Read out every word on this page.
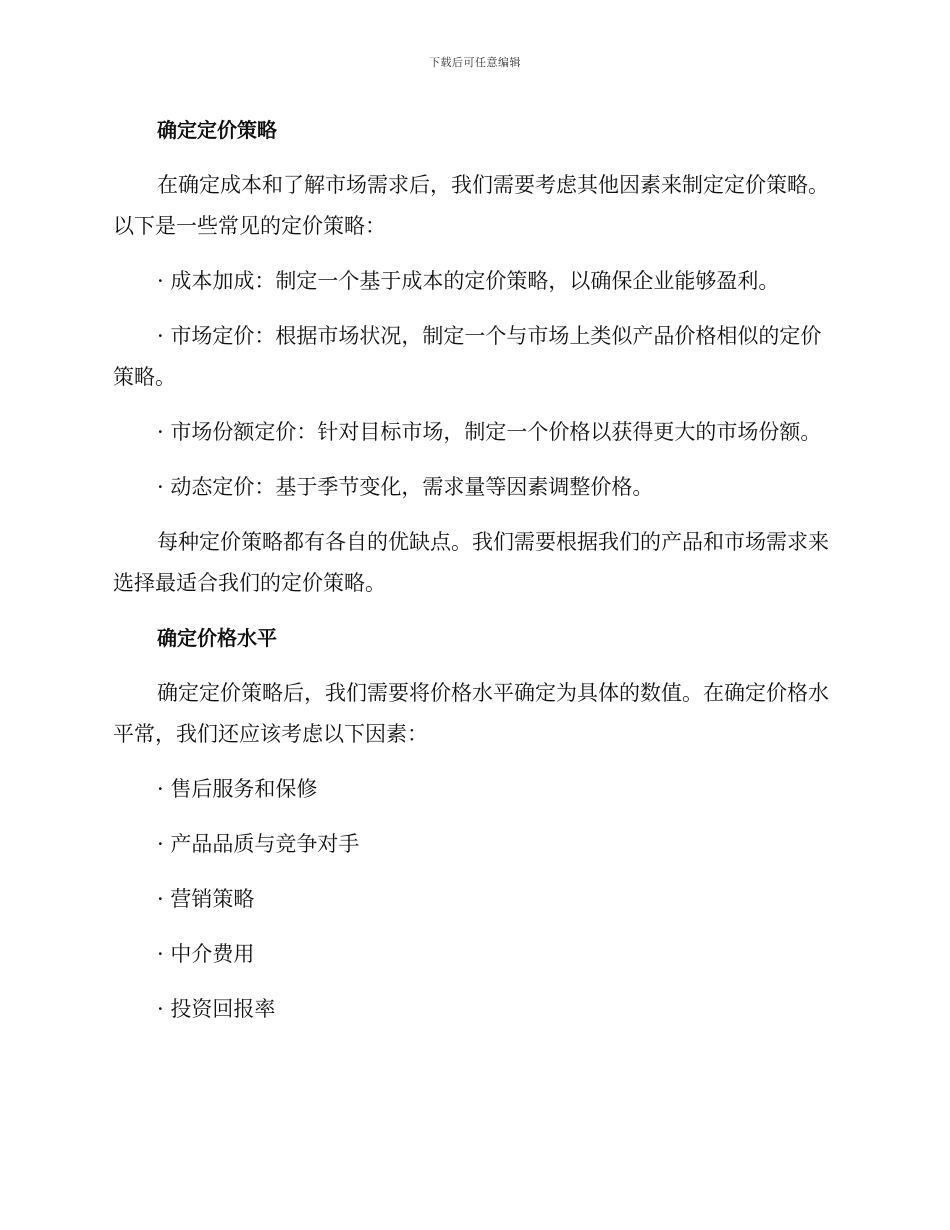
下载后可任意编辑
确定定价策略
在确定成本和了解市场需求后，我们需要考虑其他因素来制定定价策略。以下是一些常见的定价策略：
· 成本加成：制定一个基于成本的定价策略，以确保企业能够盈利。
· 市场定价：根据市场状况，制定一个与市场上类似产品价格相似的定价策略。
· 市场份额定价：针对目标市场，制定一个价格以获得更大的市场份额。
· 动态定价：基于季节变化，需求量等因素调整价格。
每种定价策略都有各自的优缺点。我们需要根据我们的产品和市场需求来选择最适合我们的定价策略。
确定价格水平
确定定价策略后，我们需要将价格水平确定为具体的数值。在确定价格水平常，我们还应该考虑以下因素：
· 售后服务和保修
· 产品品质与竞争对手
· 营销策略
· 中介费用
· 投资回报率
